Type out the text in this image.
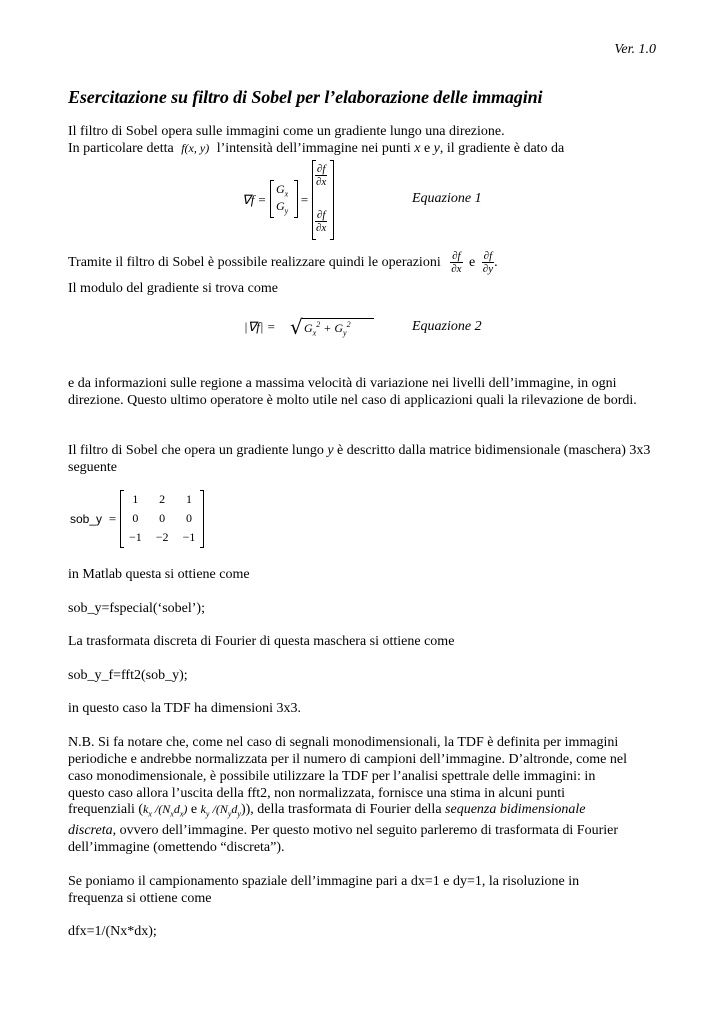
Ver. 1.0
Esercitazione su filtro di Sobel per l’elaborazione delle immagini
Il filtro di Sobel opera sulle immagini come un gradiente lungo una direzione.
In particolare detta f(x, y) l’intensità dell’immagine nei punti x e y, il gradiente è dato da
∇f =
$G_x$
$G_y$
=
$\frac{\partial f}{\partial x}$
$\frac{\partial f}{\partial x}$
Equazione 1
Tramite il filtro di Sobel è possibile realizzare quindi le operazioni $\frac{\partial f}{\partial x}$ e $\frac{\partial f}{\partial y}$ .
Il modulo del gradiente si trova come
|∇f| = √ $G_x^2 + G_y^2$	Equazione 2
e da informazioni sulle regione a massima velocità di variazione nei livelli dell’immagine, in ogni direzione. Questo ultimo operatore è molto utile nel caso di applicazioni quali la rilevazione de bordi.
Il filtro di Sobel che opera un gradiente lungo y è descritto dalla matrice bidimensionale (maschera) 3x3 seguente
sob_y =
1	2	1
0	0	0
−1	−2	−1
in Matlab questa si ottiene come
sob_y=fspecial(‘sobel’);
La trasformata discreta di Fourier di questa maschera si ottiene come
sob_y_f=fft2(sob_y);
in questo caso la TDF ha dimensioni 3x3.
N.B. Si fa notare che, come nel caso di segnali monodimensionali, la TDF è definita per immagini
periodiche e andrebbe normalizzata per il numero di campioni dell’immagine. D’altronde, come nel
caso monodimensionale, è possibile utilizzare la TDF per l’analisi spettrale delle immagini: in
questo caso allora l’uscita della fft2, non normalizzata, fornisce una stima in alcuni punti
frequenziali ($k_x$ $/(N_xd_x)$ e $k_y$ $/(N_yd_y)$), della trasformata di Fourier della sequenza bidimensionale
discreta, ovvero dell’immagine. Per questo motivo nel seguito parleremo di trasformata di Fourier
dell’immagine (omettendo “discreta”).
Se poniamo il campionamento spaziale dell’immagine pari a dx=1 e dy=1, la risoluzione in
frequenza si ottiene come
dfx=1/(Nx*dx);
